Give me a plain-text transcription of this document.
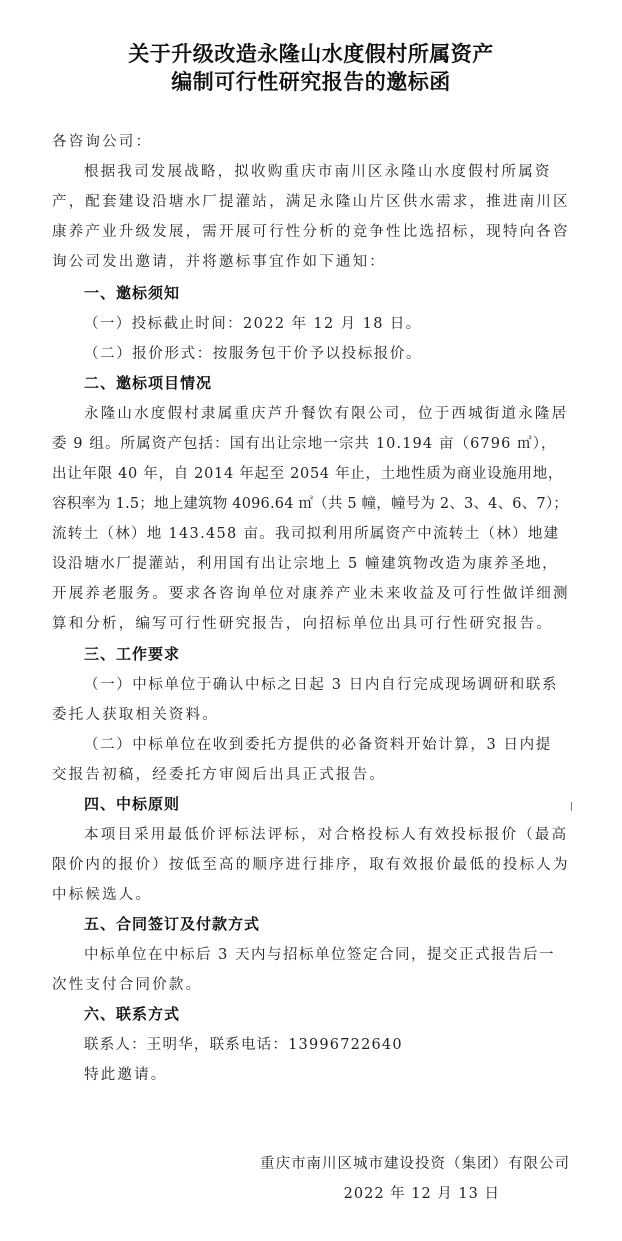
关于升级改造永隆山水度假村所属资产
编制可行性研究报告的邀标函
各咨询公司：
根据我司发展战略，拟收购重庆市南川区永隆山水度假村所属资
产，配套建设沿塘水厂提灌站，满足永隆山片区供水需求，推进南川区
康养产业升级发展，需开展可行性分析的竞争性比选招标，现特向各咨
询公司发出邀请，并将邀标事宜作如下通知：
一、邀标须知
（一）投标截止时间：2022 年 12 月 18 日。
（二）报价形式：按服务包干价予以投标报价。
二、邀标项目情况
永隆山水度假村隶属重庆芦升餐饮有限公司，位于西城街道永隆居
委 9 组。所属资产包括：国有出让宗地一宗共 10.194 亩（6796 ㎡），
出让年限 40 年，自 2014 年起至 2054 年止，土地性质为商业设施用地，
容积率为 1.5；地上建筑物 4096.64 ㎡（共 5 幢，幢号为 2、3、4、6、7）；
流转土（林）地 143.458 亩。我司拟利用所属资产中流转土（林）地建
设沿塘水厂提灌站，利用国有出让宗地上 5 幢建筑物改造为康养圣地，
开展养老服务。要求各咨询单位对康养产业未来收益及可行性做详细测
算和分析，编写可行性研究报告，向招标单位出具可行性研究报告。
三、工作要求
（一）中标单位于确认中标之日起 3 日内自行完成现场调研和联系
委托人获取相关资料。
（二）中标单位在收到委托方提供的必备资料开始计算，3 日内提
交报告初稿，经委托方审阅后出具正式报告。
四、中标原则
本项目采用最低价评标法评标，对合格投标人有效投标报价（最高
限价内的报价）按低至高的顺序进行排序，取有效报价最低的投标人为
中标候选人。
五、合同签订及付款方式
中标单位在中标后 3 天内与招标单位签定合同，提交正式报告后一
次性支付合同价款。
六、联系方式
联系人：王明华，联系电话：13996722640
特此邀请。
重庆市南川区城市建设投资（集团）有限公司
2022 年 12 月 13 日
